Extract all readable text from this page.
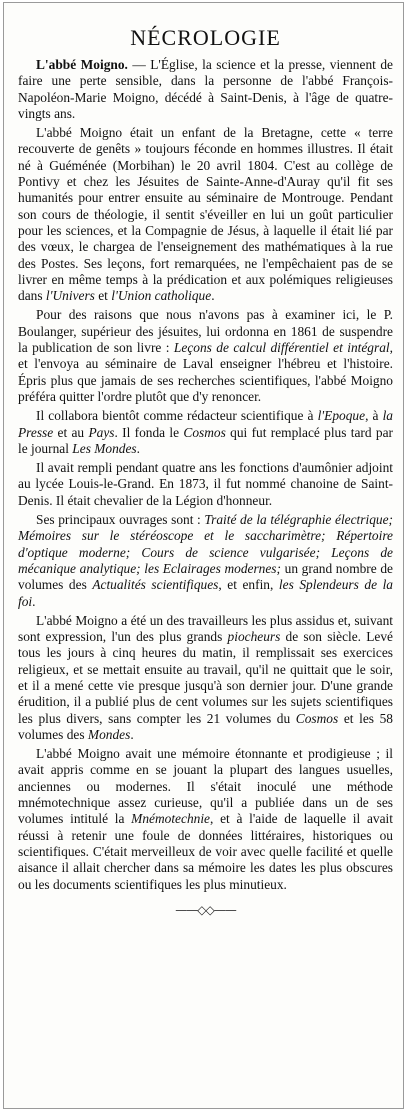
NÉCROLOGIE

L'abbé Moigno. — L'Église, la science et la presse, viennent de faire une perte sensible, dans la personne de l'abbé François-Napoléon-Marie Moigno, décédé à Saint-Denis, à l'âge de quatre-vingts ans.

L'abbé Moigno était un enfant de la Bretagne, cette « terre recouverte de genêts » toujours féconde en hommes illustres. Il était né à Guéménée (Morbihan) le 20 avril 1804. C'est au collège de Pontivy et chez les Jésuites de Sainte-Anne-d'Auray qu'il fit ses humanités pour entrer ensuite au séminaire de Montrouge. Pendant son cours de théologie, il sentit s'éveiller en lui un goût particulier pour les sciences, et la Compagnie de Jésus, à laquelle il était lié par des vœux, le chargea de l'enseignement des mathématiques à la rue des Postes. Ses leçons, fort remarquées, ne l'empêchaient pas de se livrer en même temps à la prédication et aux polémiques religieuses dans l'Univers et l'Union catholique.

Pour des raisons que nous n'avons pas à examiner ici, le P. Boulanger, supérieur des jésuites, lui ordonna en 1861 de suspendre la publication de son livre : Leçons de calcul différentiel et intégral, et l'envoya au séminaire de Laval enseigner l'hébreu et l'histoire. Épris plus que jamais de ses recherches scientifiques, l'abbé Moigno préféra quitter l'ordre plutôt que d'y renoncer.

Il collabora bientôt comme rédacteur scientifique à l'Epoque, à la Presse et au Pays. Il fonda le Cosmos qui fut remplacé plus tard par le journal Les Mondes.

Il avait rempli pendant quatre ans les fonctions d'aumônier adjoint au lycée Louis-le-Grand. En 1873, il fut nommé chanoine de Saint-Denis. Il était chevalier de la Légion d'honneur.

Ses principaux ouvrages sont : Traité de la télégraphie électrique; Mémoires sur le stéréoscope et le saccharimètre; Répertoire d'optique moderne; Cours de science vulgarisée; Leçons de mécanique analytique; les Eclairages modernes; un grand nombre de volumes des Actualités scientifiques, et enfin, les Splendeurs de la foi.

L'abbé Moigno a été un des travailleurs les plus assidus et, suivant sont expression, l'un des plus grands piocheurs de son siècle. Levé tous les jours à cinq heures du matin, il remplissait ses exercices religieux, et se mettait ensuite au travail, qu'il ne quittait que le soir, et il a mené cette vie presque jusqu'à son dernier jour. D'une grande érudition, il a publié plus de cent volumes sur les sujets scientifiques les plus divers, sans compter les 21 volumes du Cosmos et les 58 volumes des Mondes.

L'abbé Moigno avait une mémoire étonnante et prodigieuse ; il avait appris comme en se jouant la plupart des langues usuelles, anciennes ou modernes. Il s'était inoculé une méthode mnémotechnique assez curieuse, qu'il a publiée dans un de ses volumes intitulé la Mnémotechnie, et à l'aide de laquelle il avait réussi à retenir une foule de données littéraires, historiques ou scientifiques. C'était merveilleux de voir avec quelle facilité et quelle aisance il allait chercher dans sa mémoire les dates les plus obscures ou les documents scientifiques les plus minutieux.

——◇◇——
